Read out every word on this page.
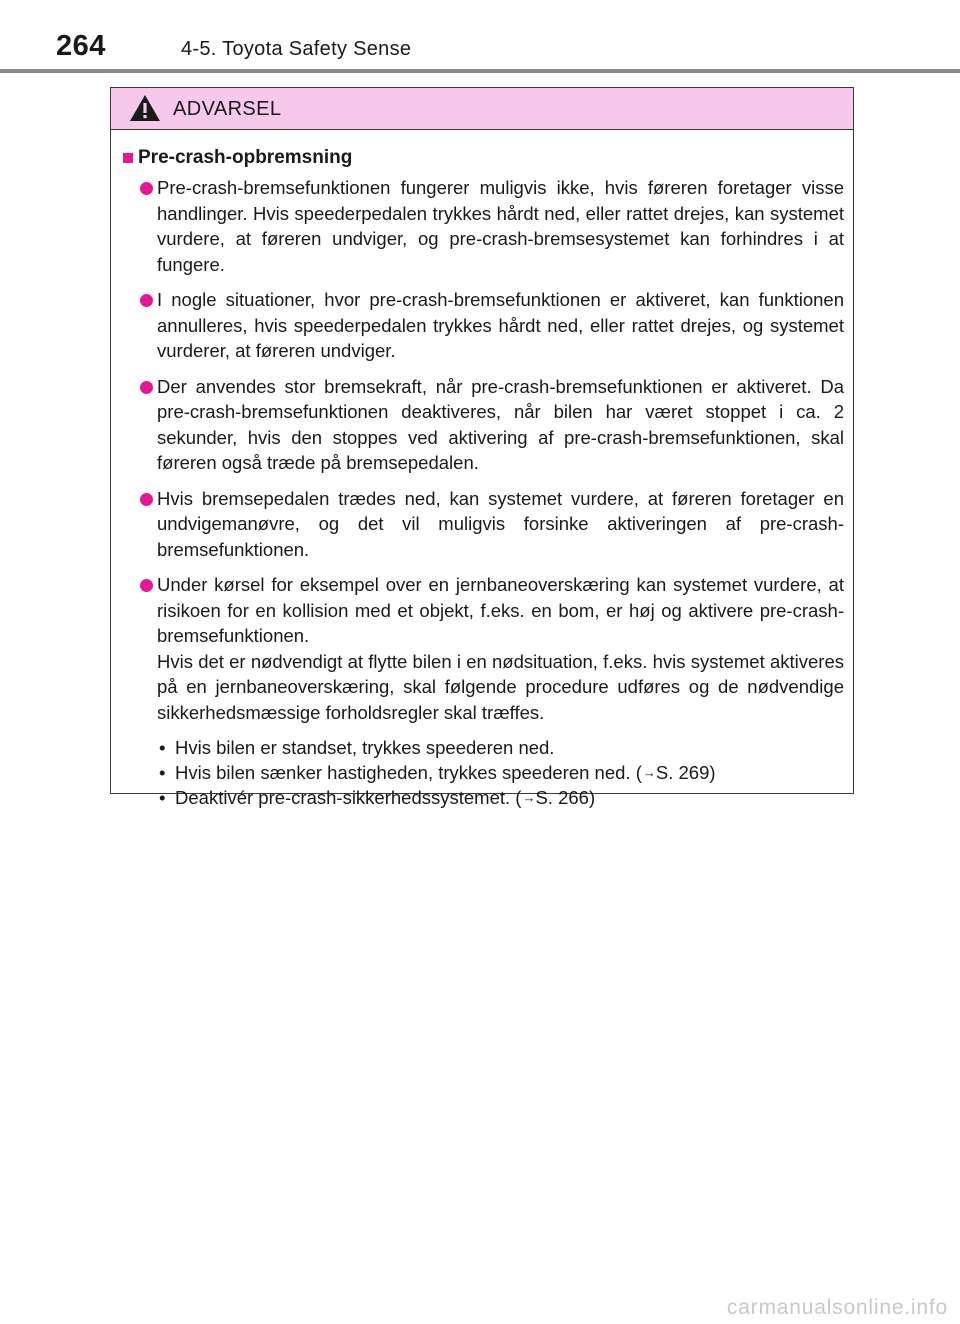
264	4-5. Toyota Safety Sense
ADVARSEL
Pre-crash-opbremsning

Pre-crash-bremsefunktionen fungerer muligvis ikke, hvis føreren foretager visse handlinger. Hvis speederpedalen trykkes hårdt ned, eller rattet drejes, kan systemet vurdere, at føreren undviger, og pre-crash-bremsesystemet kan forhindres i at fungere.

I nogle situationer, hvor pre-crash-bremsefunktionen er aktiveret, kan funktionen annulleres, hvis speederpedalen trykkes hårdt ned, eller rattet drejes, og systemet vurderer, at føreren undviger.

Der anvendes stor bremsekraft, når pre-crash-bremsefunktionen er aktiveret. Da pre-crash-bremsefunktionen deaktiveres, når bilen har været stoppet i ca. 2 sekunder, hvis den stoppes ved aktivering af pre-crash-bremsefunktionen, skal føreren også træde på bremsepedalen.

Hvis bremsepedalen trædes ned, kan systemet vurdere, at føreren foretager en undvigemanøvre, og det vil muligvis forsinke aktiveringen af pre-crash-bremsefunktionen.

Under kørsel for eksempel over en jernbaneoverskæring kan systemet vurdere, at risikoen for en kollision med et objekt, f.eks. en bom, er høj og aktivere pre-crash-bremsefunktionen.

Hvis det er nødvendigt at flytte bilen i en nødsituation, f.eks. hvis systemet aktiveres på en jernbaneoverskæring, skal følgende procedure udføres og de nødvendige sikkerhedsmæssige forholdsregler skal træffes.

• Hvis bilen er standset, trykkes speederen ned.
• Hvis bilen sænker hastigheden, trykkes speederen ned. (→S. 269)
• Deaktivér pre-crash-sikkerhedssystemet. (→S. 266)
carmanualsonline.info
